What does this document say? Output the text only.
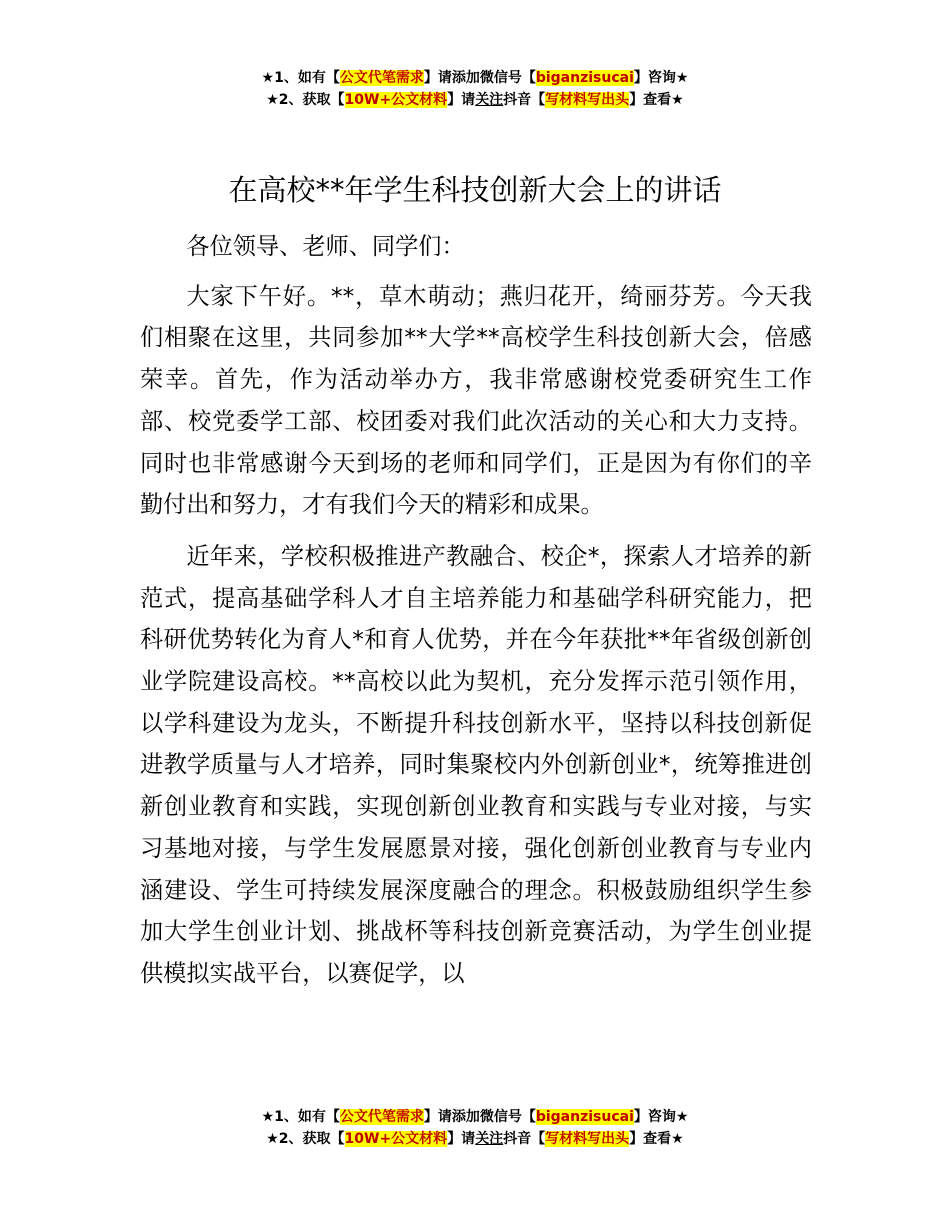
★1、如有【公文代笔需求】请添加微信号【biganzisucai】咨询★
★2、获取【10W+公文材料】请关注抖音【写材料写出头】查看★
在高校**年学生科技创新大会上的讲话

各位领导、老师、同学们：

大家下午好。**，草木萌动；燕归花开，绮丽芬芳。今天我们相聚在这里，共同参加**大学**高校学生科技创新大会，倍感荣幸。首先，作为活动举办方，我非常感谢校党委研究生工作部、校党委学工部、校团委对我们此次活动的关心和大力支持。同时也非常感谢今天到场的老师和同学们，正是因为有你们的辛勤付出和努力，才有我们今天的精彩和成果。

近年来，学校积极推进产教融合、校企*，探索人才培养的新范式，提高基础学科人才自主培养能力和基础学科研究能力，把科研优势转化为育人*和育人优势，并在今年获批**年省级创新创业学院建设高校。**高校以此为契机，充分发挥示范引领作用，以学科建设为龙头，不断提升科技创新水平，坚持以科技创新促进教学质量与人才培养，同时集聚校内外创新创业*，统筹推进创新创业教育和实践，实现创新创业教育和实践与专业对接，与实习基地对接，与学生发展愿景对接，强化创新创业教育与专业内涵建设、学生可持续发展深度融合的理念。积极鼓励组织学生参加大学生创业计划、挑战杯等科技创新竞赛活动，为学生创业提供模拟实战平台，以赛促学，以

★1、如有【公文代笔需求】请添加微信号【biganzisucai】咨询★
★2、获取【10W+公文材料】请关注抖音【写材料写出头】查看★
